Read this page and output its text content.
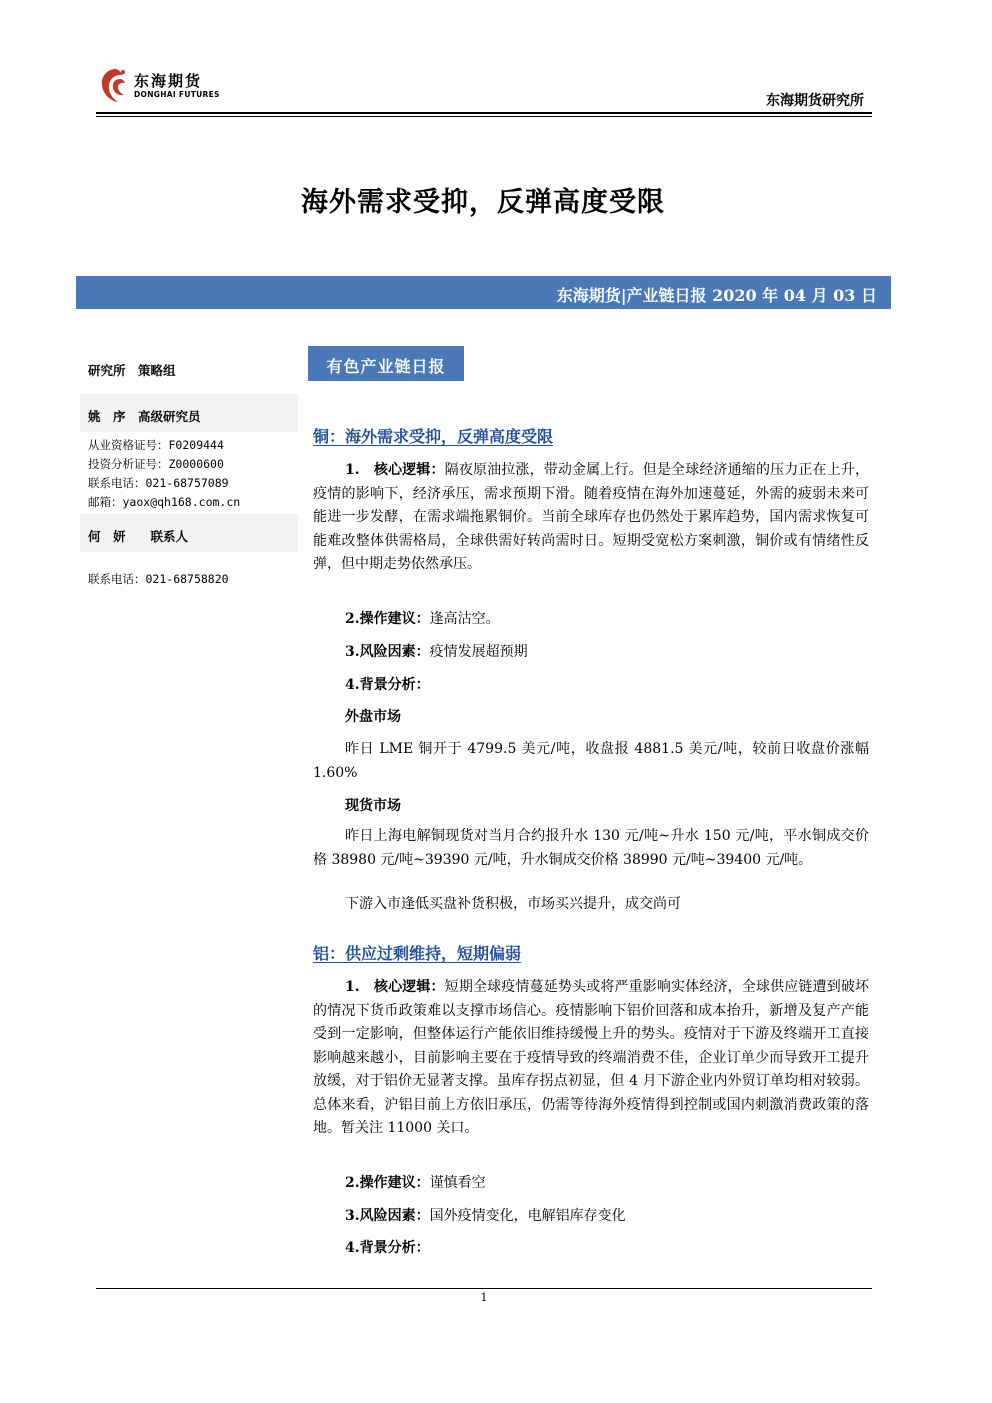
东海期货
DONGHAI FUTURES	东海期货研究所
海外需求受抑，反弹高度受限
东海期货|产业链日报 2020 年 04 月 03 日
研究所　策略组
姚　序　高级研究员
从业资格证号：F0209444
投资分析证号：Z0000600
联系电话：021-68757089
邮箱：yaox@qh168.com.cn
何　妍　　联系人
联系电话：021-68758820
有色产业链日报
铜：海外需求受抑，反弹高度受限

1.　核心逻辑：隔夜原油拉涨，带动金属上行。但是全球经济通缩的压力正在上升，疫情的影响下，经济承压，需求预期下滑。随着疫情在海外加速蔓延，外需的疲弱未来可能进一步发酵，在需求端拖累铜价。当前全球库存也仍然处于累库趋势，国内需求恢复可能难改整体供需格局，全球供需好转尚需时日。短期受宽松方案刺激，铜价或有情绪性反弹，但中期走势依然承压。

2.操作建议：逢高沽空。
3.风险因素：疫情发展超预期
4.背景分析：
外盘市场

昨日 LME 铜开于 4799.5 美元/吨，收盘报 4881.5 美元/吨，较前日收盘价涨幅 1.60%

现货市场

昨日上海电解铜现货对当月合约报升水 130 元/吨~升水 150 元/吨，平水铜成交价格 38980 元/吨~39390 元/吨，升水铜成交价格 38990 元/吨~39400 元/吨。

下游入市逢低买盘补货积极，市场买兴提升，成交尚可

铝：供应过剩维持，短期偏弱

1.　核心逻辑：短期全球疫情蔓延势头或将严重影响实体经济，全球供应链遭到破坏的情况下货币政策难以支撑市场信心。疫情影响下铝价回落和成本抬升，新增及复产产能受到一定影响，但整体运行产能依旧维持缓慢上升的势头。疫情对于下游及终端开工直接影响越来越小，目前影响主要在于疫情导致的终端消费不佳，企业订单少而导致开工提升放缓，对于铝价无显著支撑。虽库存拐点初显，但 4 月下游企业内外贸订单均相对较弱。总体来看，沪铝目前上方依旧承压，仍需等待海外疫情得到控制或国内刺激消费政策的落地。暂关注 11000 关口。

2.操作建议：谨慎看空
3.风险因素：国外疫情变化，电解铝库存变化
4.背景分析：
1
